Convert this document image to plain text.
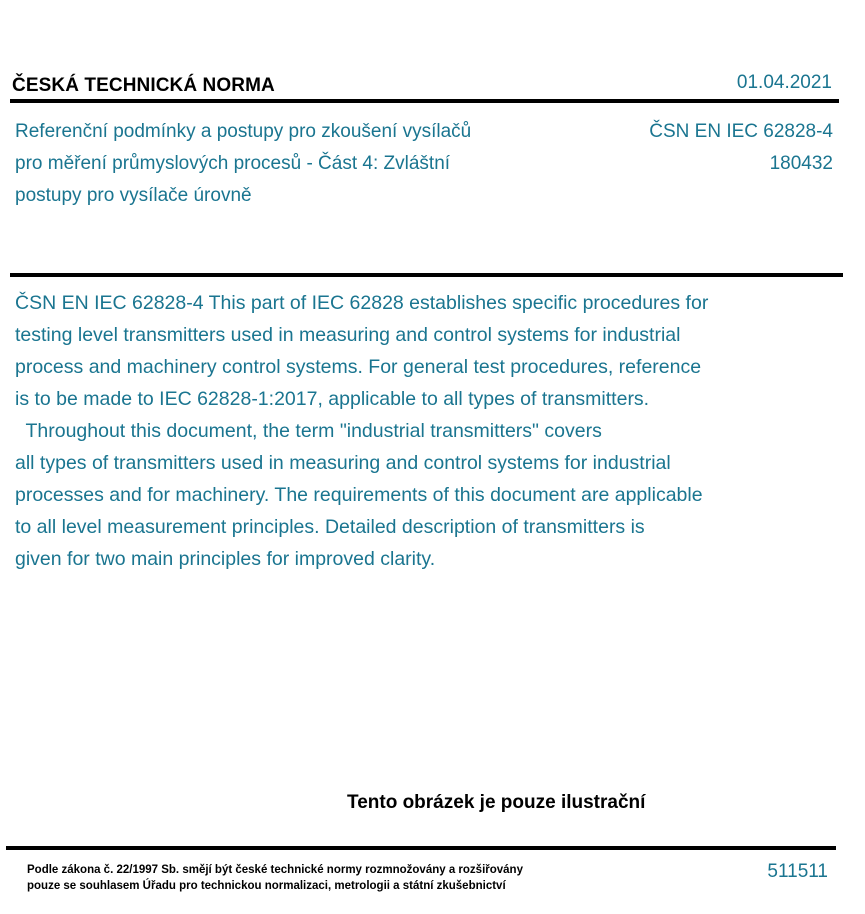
ČESKÁ TECHNICKÁ NORMA	01.04.2021
Referenční podmínky a postupy pro zkoušení vysílačů
pro měření průmyslových procesů - Část 4: Zvláštní
postupy pro vysílače úrovně
ČSN EN IEC 62828-4
180432
ČSN EN IEC 62828-4 This part of IEC 62828 establishes specific procedures for
testing level transmitters used in measuring and control systems for industrial
process and machinery control systems. For general test procedures, reference
is to be made to IEC 62828-1:2017, applicable to all types of transmitters.
Throughout this document, the term "industrial transmitters" covers
all types of transmitters used in measuring and control systems for industrial
processes and for machinery. The requirements of this document are applicable
to all level measurement principles. Detailed description of transmitters is
given for two main principles for improved clarity.
Tento obrázek je pouze ilustrační
Podle zákona č. 22/1997 Sb. smějí být české technické normy rozmnožovány a rozšiřovány
pouze se souhlasem Úřadu pro technickou normalizaci, metrologii a státní zkušebnictví
511511
